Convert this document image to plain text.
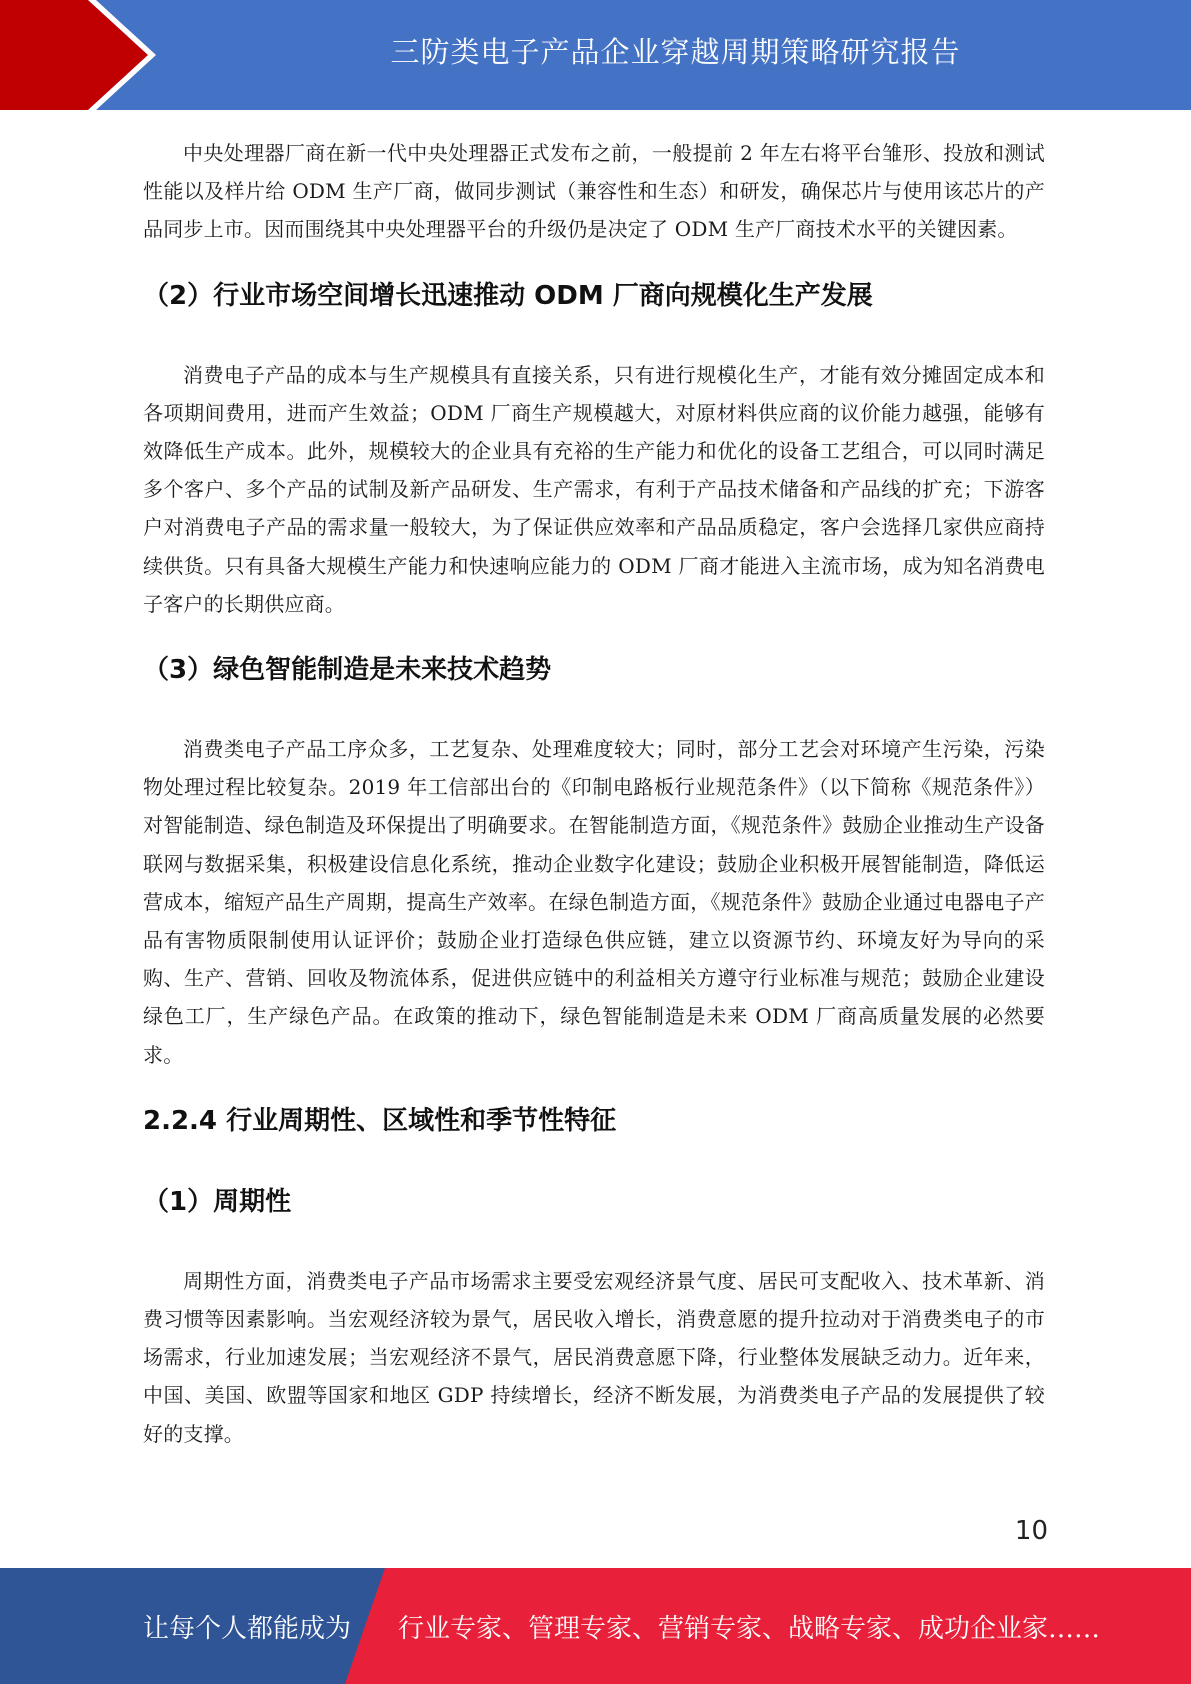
三防类电子产品企业穿越周期策略研究报告

中央处理器厂商在新一代中央处理器正式发布之前，一般提前 2 年左右将平台雏形、投放和测试性能以及样片给 ODM 生产厂商，做同步测试（兼容性和生态）和研发，确保芯片与使用该芯片的产品同步上市。因而围绕其中央处理器平台的升级仍是决定了 ODM 生产厂商技术水平的关键因素。

（2）行业市场空间增长迅速推动 ODM 厂商向规模化生产发展

消费电子产品的成本与生产规模具有直接关系，只有进行规模化生产，才能有效分摊固定成本和各项期间费用，进而产生效益；ODM 厂商生产规模越大，对原材料供应商的议价能力越强，能够有效降低生产成本。此外，规模较大的企业具有充裕的生产能力和优化的设备工艺组合，可以同时满足多个客户、多个产品的试制及新产品研发、生产需求，有利于产品技术储备和产品线的扩充；下游客户对消费电子产品的需求量一般较大，为了保证供应效率和产品品质稳定，客户会选择几家供应商持续供货。只有具备大规模生产能力和快速响应能力的 ODM 厂商才能进入主流市场，成为知名消费电子客户的长期供应商。

（3）绿色智能制造是未来技术趋势

消费类电子产品工序众多，工艺复杂、处理难度较大；同时，部分工艺会对环境产生污染，污染物处理过程比较复杂。2019 年工信部出台的《印制电路板行业规范条件》（以下简称《规范条件》）对智能制造、绿色制造及环保提出了明确要求。在智能制造方面，《规范条件》鼓励企业推动生产设备联网与数据采集，积极建设信息化系统，推动企业数字化建设；鼓励企业积极开展智能制造，降低运营成本，缩短产品生产周期，提高生产效率。在绿色制造方面，《规范条件》鼓励企业通过电器电子产品有害物质限制使用认证评价；鼓励企业打造绿色供应链，建立以资源节约、环境友好为导向的采购、生产、营销、回收及物流体系，促进供应链中的利益相关方遵守行业标准与规范；鼓励企业建设绿色工厂，生产绿色产品。在政策的推动下，绿色智能制造是未来 ODM 厂商高质量发展的必然要求。

2.2.4 行业周期性、区域性和季节性特征
（1）周期性

周期性方面，消费类电子产品市场需求主要受宏观经济景气度、居民可支配收入、技术革新、消费习惯等因素影响。当宏观经济较为景气，居民收入增长，消费意愿的提升拉动对于消费类电子的市场需求，行业加速发展；当宏观经济不景气，居民消费意愿下降，行业整体发展缺乏动力。近年来，中国、美国、欧盟等国家和地区 GDP 持续增长，经济不断发展，为消费类电子产品的发展提供了较好的支撑。

10
让每个人都能成为 行业专家、管理专家、营销专家、战略专家、成功企业家……
